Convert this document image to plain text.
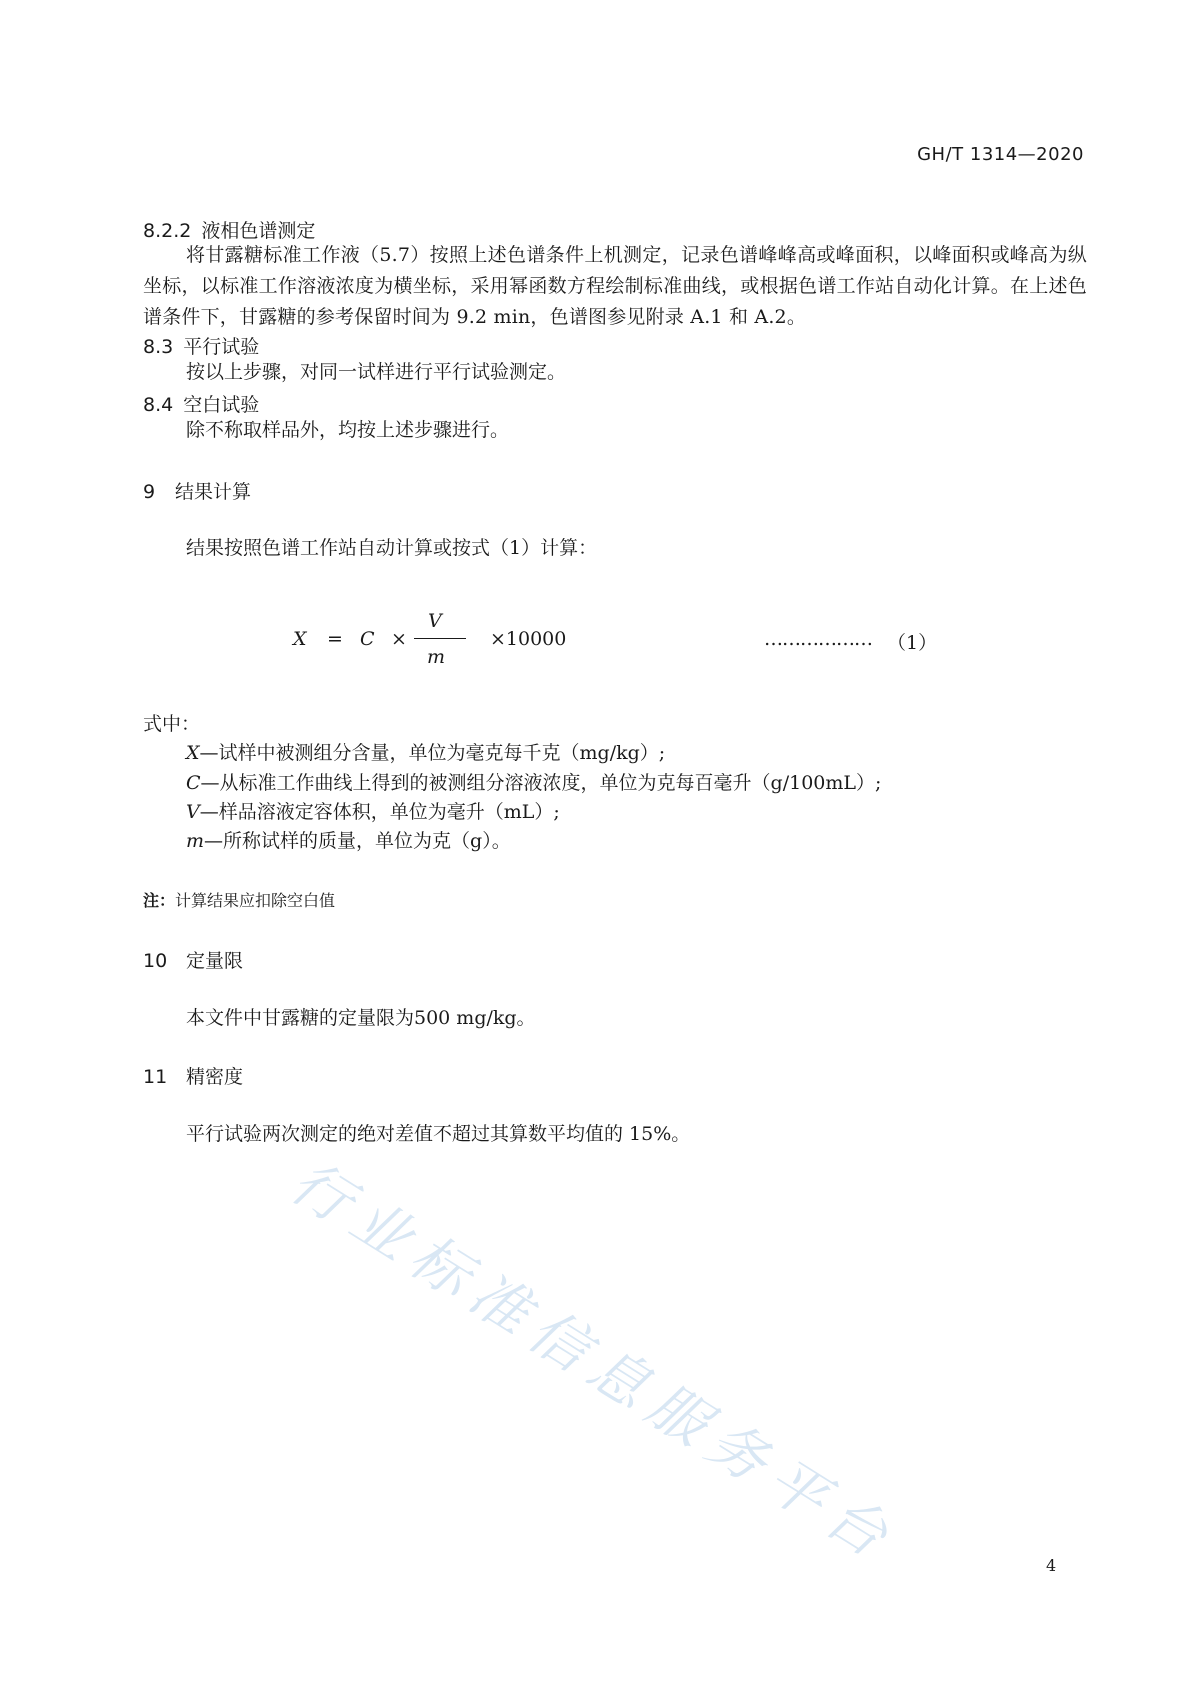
GH/T 1314—2020
8.2.2 液相色谱测定
将甘露糖标准工作液（5.7）按照上述色谱条件上机测定，记录色谱峰峰高或峰面积，以峰面积或峰高为纵坐标，以标准工作溶液浓度为横坐标，采用幂函数方程绘制标准曲线，或根据色谱工作站自动化计算。在上述色谱条件下，甘露糖的参考保留时间为 9.2 min，色谱图参见附录 A.1 和 A.2。
8.3 平行试验
按以上步骤，对同一试样进行平行试验测定。
8.4 空白试验
除不称取样品外，均按上述步骤进行。
9 结果计算
结果按照色谱工作站自动计算或按式（1）计算：
X = C ×
V
m
×10000	……………… （1）
式中：
X—试样中被测组分含量，单位为毫克每千克（mg/kg）;
C—从标准工作曲线上得到的被测组分溶液浓度，单位为克每百毫升（g/100mL）;
V—样品溶液定容体积，单位为毫升（mL）;
m—所称试样的质量，单位为克（g）。
注：计算结果应扣除空白值
10 定量限
本文件中甘露糖的定量限为500 mg/kg。
11 精密度
平行试验两次测定的绝对差值不超过其算数平均值的 15%。
行业标准信息服务平台	4
